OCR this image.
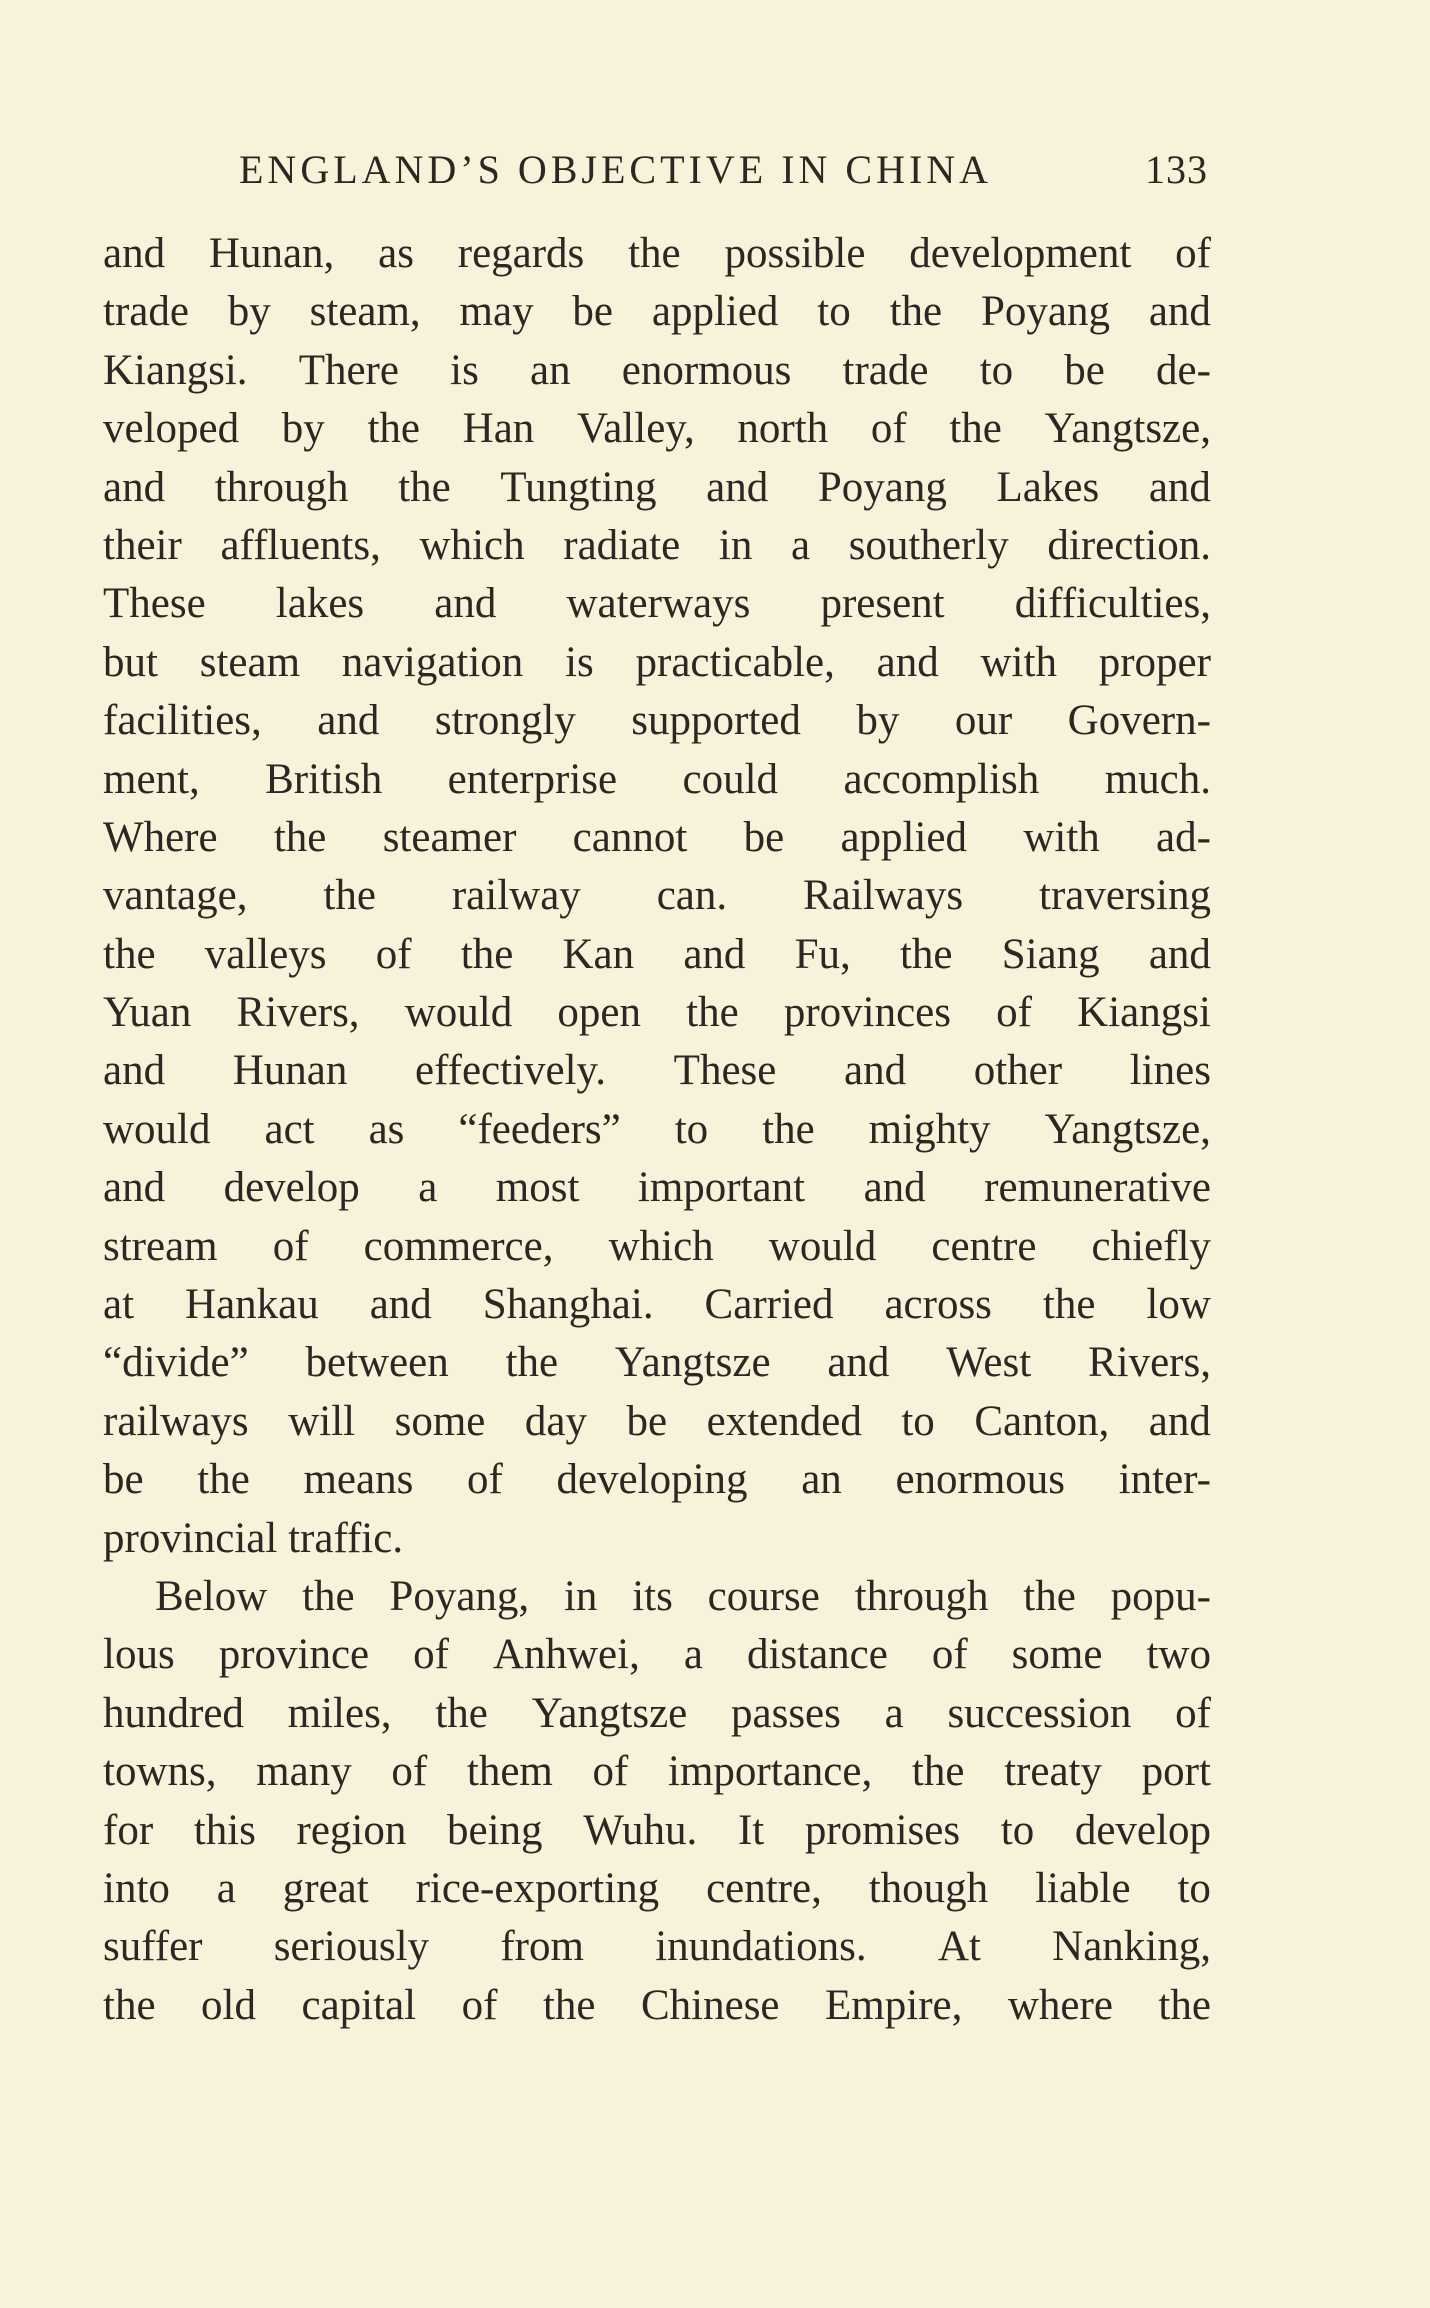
ENGLAND’S OBJECTIVE IN CHINA	133
and Hunan, as regards the possible development of
trade by steam, may be applied to the Poyang and
Kiangsi. There is an enormous trade to be de-
veloped by the Han Valley, north of the Yangtsze,
and through the Tungting and Poyang Lakes and
their affluents, which radiate in a southerly direction.
These lakes and waterways present difficulties,
but steam navigation is practicable, and with proper
facilities, and strongly supported by our Govern-
ment, British enterprise could accomplish much.
Where the steamer cannot be applied with ad-
vantage, the railway can. Railways traversing
the valleys of the Kan and Fu, the Siang and
Yuan Rivers, would open the provinces of Kiangsi
and Hunan effectively. These and other lines
would act as “feeders” to the mighty Yangtsze,
and develop a most important and remunerative
stream of commerce, which would centre chiefly
at Hankau and Shanghai. Carried across the low
“divide” between the Yangtsze and West Rivers,
railways will some day be extended to Canton, and
be the means of developing an enormous inter-
provincial traffic.
Below the Poyang, in its course through the popu-
lous province of Anhwei, a distance of some two
hundred miles, the Yangtsze passes a succession of
towns, many of them of importance, the treaty port
for this region being Wuhu. It promises to develop
into a great rice-exporting centre, though liable to
suffer seriously from inundations. At Nanking,
the old capital of the Chinese Empire, where the
